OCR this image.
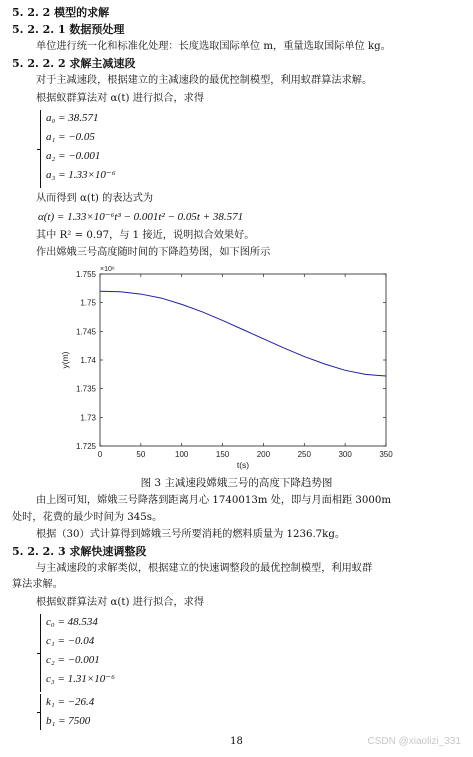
5. 2. 2 模型的求解
5. 2. 2. 1 数据预处理
单位进行统一化和标准化处理：长度选取国际单位 m，重量选取国际单位 kg。
5. 2. 2. 2 求解主减速段
对于主减速段，根据建立的主减速段的最优控制模型，利用蚁群算法求解。
根据蚁群算法对 α(t) 进行拟合，求得
a₀ = 38.571
a₁ = −0.05
a₂ = −0.001
a₃ = 1.33×10⁻⁶
从而得到 α(t) 的表达式为
α(t) = 1.33×10⁻⁶t³ − 0.001t² − 0.05t + 38.571
其中 R² = 0.97，与 1 接近，说明拟合效果好。
作出嫦娥三号高度随时间的下降趋势图，如下图所示
0	50	100	150	200	250	300	350
1.725
1.73
1.735
1.74
1.745
1.75
1.755
×10⁶
t(s)
y(m)
图 3 主减速段嫦娥三号的高度下降趋势图
由上图可知，嫦娥三号降落到距离月心 1740013m 处，即与月面相距 3000m
处时，花费的最少时间为 345s。
根据（30）式计算得到嫦娥三号所要消耗的燃料质量为 1236.7kg。
5. 2. 2. 3 求解快速调整段
与主减速段的求解类似，根据建立的快速调整段的最优控制模型，利用蚁群
算法求解。
根据蚁群算法对 α(t) 进行拟合，求得
c₀ = 48.534
c₁ = −0.04
c₂ = −0.001
c₃ = 1.31×10⁻⁶
k₁ = −26.4
b₁ = 7500
18	CSDN @xiaolizi_331
